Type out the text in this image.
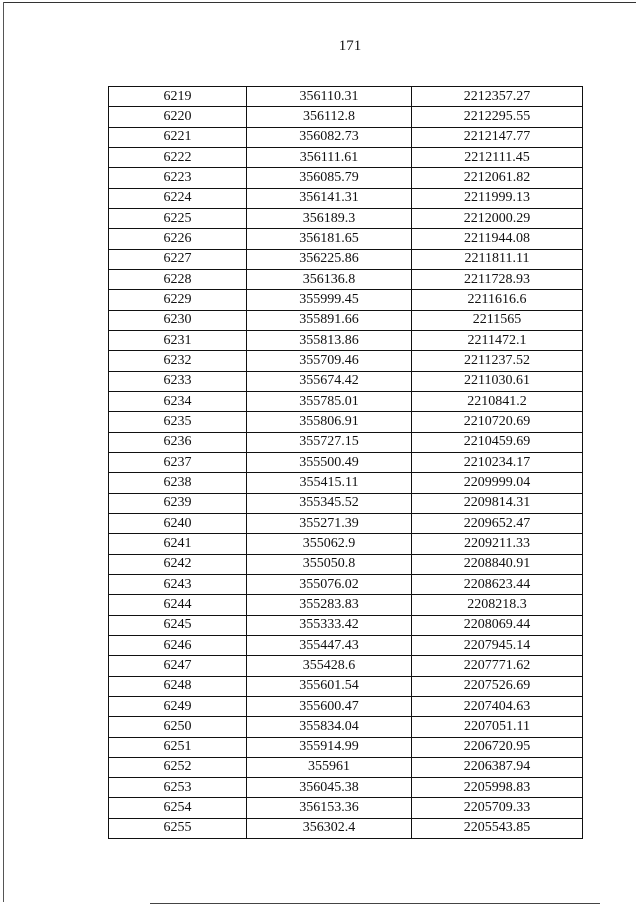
171
6219	356110.31	2212357.27
6220	356112.8	2212295.55
6221	356082.73	2212147.77
6222	356111.61	2212111.45
6223	356085.79	2212061.82
6224	356141.31	2211999.13
6225	356189.3	2212000.29
6226	356181.65	2211944.08
6227	356225.86	2211811.11
6228	356136.8	2211728.93
6229	355999.45	2211616.6
6230	355891.66	2211565
6231	355813.86	2211472.1
6232	355709.46	2211237.52
6233	355674.42	2211030.61
6234	355785.01	2210841.2
6235	355806.91	2210720.69
6236	355727.15	2210459.69
6237	355500.49	2210234.17
6238	355415.11	2209999.04
6239	355345.52	2209814.31
6240	355271.39	2209652.47
6241	355062.9	2209211.33
6242	355050.8	2208840.91
6243	355076.02	2208623.44
6244	355283.83	2208218.3
6245	355333.42	2208069.44
6246	355447.43	2207945.14
6247	355428.6	2207771.62
6248	355601.54	2207526.69
6249	355600.47	2207404.63
6250	355834.04	2207051.11
6251	355914.99	2206720.95
6252	355961	2206387.94
6253	356045.38	2205998.83
6254	356153.36	2205709.33
6255	356302.4	2205543.85
